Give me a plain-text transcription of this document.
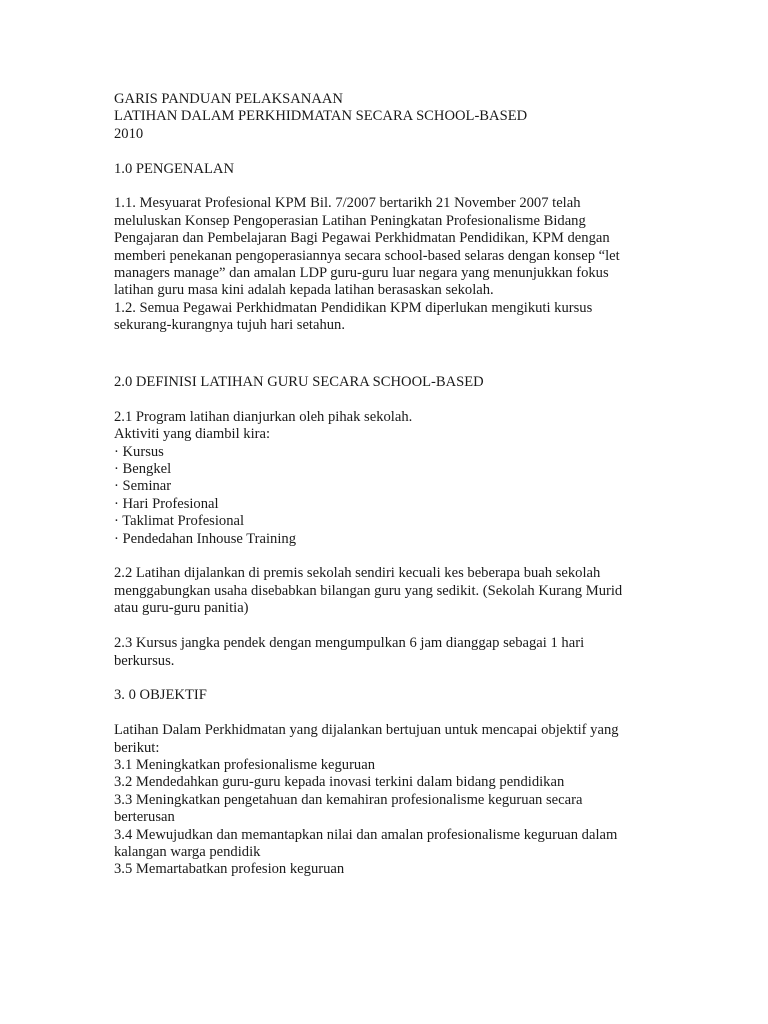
GARIS PANDUAN PELAKSANAAN
LATIHAN DALAM PERKHIDMATAN SECARA SCHOOL-BASED
2010
1.0 PENGENALAN
1.1. Mesyuarat Profesional KPM Bil. 7/2007 bertarikh 21 November 2007 telah
meluluskan Konsep Pengoperasian Latihan Peningkatan Profesionalisme Bidang
Pengajaran dan Pembelajaran Bagi Pegawai Perkhidmatan Pendidikan, KPM dengan
memberi penekanan pengoperasiannya secara school-based selaras dengan konsep “let
managers manage” dan amalan LDP guru-guru luar negara yang menunjukkan fokus
latihan guru masa kini adalah kepada latihan berasaskan sekolah.
1.2. Semua Pegawai Perkhidmatan Pendidikan KPM diperlukan mengikuti kursus
sekurang-kurangnya tujuh hari setahun.
2.0 DEFINISI LATIHAN GURU SECARA SCHOOL-BASED
2.1 Program latihan dianjurkan oleh pihak sekolah.
Aktiviti yang diambil kira:
· Kursus
· Bengkel
· Seminar
· Hari Profesional
· Taklimat Profesional
· Pendedahan Inhouse Training
2.2 Latihan dijalankan di premis sekolah sendiri kecuali kes beberapa buah sekolah
menggabungkan usaha disebabkan bilangan guru yang sedikit. (Sekolah Kurang Murid
atau guru-guru panitia)
2.3 Kursus jangka pendek dengan mengumpulkan 6 jam dianggap sebagai 1 hari
berkursus.
3. 0 OBJEKTIF
Latihan Dalam Perkhidmatan yang dijalankan bertujuan untuk mencapai objektif yang
berikut:
3.1 Meningkatkan profesionalisme keguruan
3.2 Mendedahkan guru-guru kepada inovasi terkini dalam bidang pendidikan
3.3 Meningkatkan pengetahuan dan kemahiran profesionalisme keguruan secara
berterusan
3.4 Mewujudkan dan memantapkan nilai dan amalan profesionalisme keguruan dalam
kalangan warga pendidik
3.5 Memartabatkan profesion keguruan
